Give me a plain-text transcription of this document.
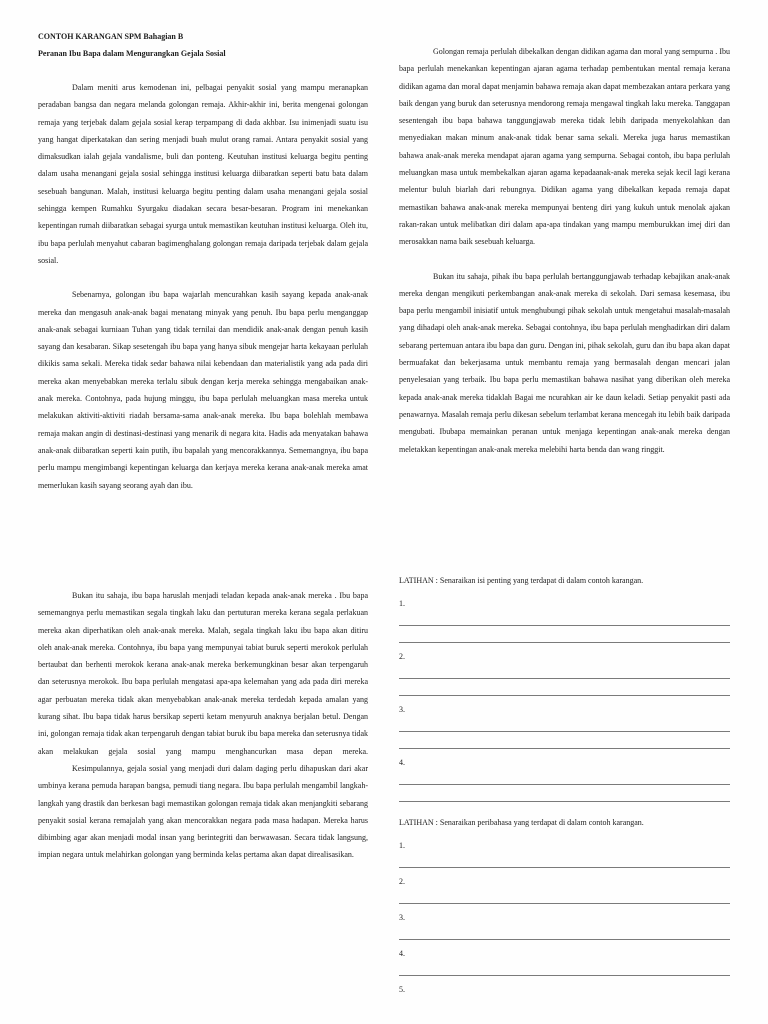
CONTOH KARANGAN SPM Bahagian B
Peranan Ibu Bapa dalam Mengurangkan Gejala Sosial

Dalam meniti arus kemodenan ini, pelbagai penyakit sosial yang mampu meranapkan peradaban bangsa dan negara melanda golongan remaja. Akhir-akhir ini, berita mengenai golongan remaja yang terjebak dalam gejala sosial kerap terpampang di dada akhbar. Isu inimenjadi suatu isu yang hangat diperkatakan dan sering menjadi buah mulut orang ramai. Antara penyakit sosial yang dimaksudkan ialah gejala vandalisme, buli dan ponteng. Keutuhan institusi keluarga begitu penting dalam usaha menangani gejala sosial sehingga institusi keluarga diibaratkan seperti batu bata dalam sesebuah bangunan. Malah, institusi keluarga begitu penting dalam usaha menangani gejala sosial sehingga kempen Rumahku Syurgaku diadakan secara besar-besaran. Program ini menekankan kepentingan rumah diibaratkan sebagai syurga untuk memastikan keutuhan institusi keluarga. Oleh itu, ibu bapa perlulah menyahut cabaran bagimenghalang golongan remaja daripada terjebak dalam gejala sosial.

Sebenarnya, golongan ibu bapa wajarlah mencurahkan kasih sayang kepada anak-anak mereka dan mengasuh anak-anak bagai menatang minyak yang penuh. Ibu bapa perlu menganggap anak-anak sebagai kurniaan Tuhan yang tidak ternilai dan mendidik anak-anak dengan penuh kasih sayang dan kesabaran. Sikap sesetengah ibu bapa yang hanya sibuk mengejar harta kekayaan perlulah dikikis sama sekali. Mereka tidak sedar bahawa nilai kebendaan dan materialistik yang ada pada diri mereka akan menyebabkan mereka terlalu sibuk dengan kerja mereka sehingga mengabaikan anak-anak mereka. Contohnya, pada hujung minggu, ibu bapa perlulah meluangkan masa mereka untuk melakukan aktiviti-aktiviti riadah bersama-sama anak-anak mereka. Ibu bapa bolehlah membawa remaja makan angin di destinasi-destinasi yang menarik di negara kita. Hadis ada menyatakan bahawa anak-anak diibaratkan seperti kain putih, ibu bapalah yang mencorakkannya. Sememangnya, ibu bapa perlu mampu mengimbangi kepentingan keluarga dan kerjaya mereka kerana anak-anak mereka amat memerlukan kasih sayang seorang ayah dan ibu.

Golongan remaja perlulah dibekalkan dengan didikan agama dan moral yang sempurna . Ibu bapa perlulah menekankan kepentingan ajaran agama terhadap pembentukan mental remaja kerana didikan agama dan moral dapat menjamin bahawa remaja akan dapat membezakan antara perkara yang baik dengan yang buruk dan seterusnya mendorong remaja mengawal tingkah laku mereka. Tanggapan sesentengah ibu bapa bahawa tanggungjawab mereka tidak lebih daripada menyekolahkan dan menyediakan makan minum anak-anak tidak benar sama sekali. Mereka juga harus memastikan bahawa anak-anak mereka mendapat ajaran agama yang sempurna. Sebagai contoh, ibu bapa perlulah meluangkan masa untuk membekalkan ajaran agama kepadaanak-anak mereka sejak kecil lagi kerana melentur buluh biarlah dari rebungnya. Didikan agama yang dibekalkan kepada remaja dapat memastikan bahawa anak-anak mereka mempunyai benteng diri yang kukuh untuk menolak ajakan rakan-rakan untuk melibatkan diri dalam apa-apa tindakan yang mampu memburukkan imej diri dan merosakkan nama baik sesebuah keluarga.

Bukan itu sahaja, pihak ibu bapa perlulah bertanggungjawab terhadap kebajikan anak-anak mereka dengan mengikuti perkembangan anak-anak mereka di sekolah. Dari semasa kesemasa, ibu bapa perlu mengambil inisiatif untuk menghubungi pihak sekolah untuk mengetahui masalah-masalah yang dihadapi oleh anak-anak mereka. Sebagai contohnya, ibu bapa perlulah menghadirkan diri dalam sebarang pertemuan antara ibu bapa dan guru. Dengan ini, pihak sekolah, guru dan ibu bapa akan dapat bermuafakat dan bekerjasama untuk membantu remaja yang bermasalah dengan mencari jalan penyelesaian yang terbaik. Ibu bapa perlu memastikan bahawa nasihat yang diberikan oleh mereka kepada anak-anak mereka tidaklah Bagai me ncurahkan air ke daun keladi. Setiap penyakit pasti ada penawarnya. Masalah remaja perlu dikesan sebelum terlambat kerana mencegah itu lebih baik daripada mengubati. Ibubapa memainkan peranan untuk menjaga kepentingan anak-anak mereka dengan meletakkan kepentingan anak-anak mereka melebihi harta benda dan wang ringgit.

Bukan itu sahaja, ibu bapa haruslah menjadi teladan kepada anak-anak mereka . Ibu bapa sememangnya perlu memastikan segala tingkah laku dan pertuturan mereka kerana segala perlakuan mereka akan diperhatikan oleh anak-anak mereka. Malah, segala tingkah laku ibu bapa akan ditiru oleh anak-anak mereka. Contohnya, ibu bapa yang mempunyai tabiat buruk seperti merokok perlulah bertaubat dan berhenti merokok kerana anak-anak mereka berkemungkinan besar akan terpengaruh dan seterusnya merokok. Ibu bapa perlulah mengatasi apa-apa kelemahan yang ada pada diri mereka agar perbuatan mereka tidak akan menyebabkan anak-anak mereka terdedah kepada amalan yang kurang sihat. Ibu bapa tidak harus bersikap seperti ketam menyuruh anaknya berjalan betul. Dengan ini, golongan remaja tidak akan terpengaruh dengan tabiat buruk ibu bapa mereka dan seterusnya tidak akan melakukan gejala sosial yang mampu menghancurkan masa depan mereka.

Kesimpulannya, gejala sosial yang menjadi duri dalam daging perlu dihapuskan dari akar umbinya kerana pemuda harapan bangsa, pemudi tiang negara. Ibu bapa perlulah mengambil langkah-langkah yang drastik dan berkesan bagi memastikan golongan remaja tidak akan menjangkiti sebarang penyakit sosial kerana remajalah yang akan mencorakkan negara pada masa hadapan. Mereka harus dibimbing agar akan menjadi modal insan yang berintegriti dan berwawasan. Secara tidak langsung, impian negara untuk melahirkan golongan yang berminda kelas pertama akan dapat direalisasikan.

LATIHAN : Senaraikan isi penting yang terdapat di dalam contoh karangan.
1.
2.
3.
4.
LATIHAN : Senaraikan peribahasa yang terdapat di dalam contoh karangan.
1.
2.
3.
4.
5.
